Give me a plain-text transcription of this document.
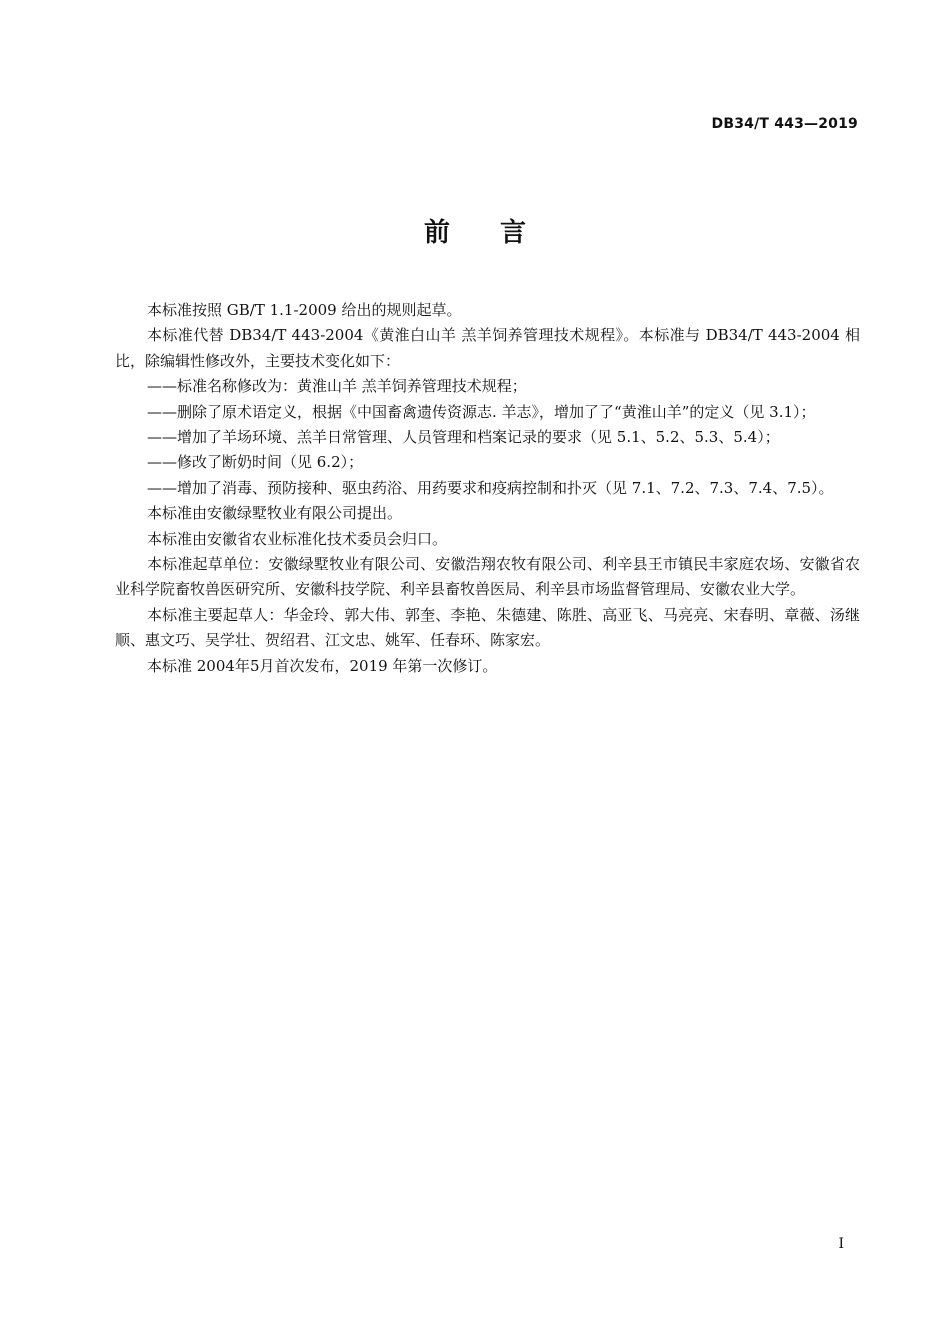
DB34/T 443—2019
前言

本标准按照 GB/T 1.1-2009 给出的规则起草。

本标准代替 DB34/T 443-2004《黄淮白山羊 羔羊饲养管理技术规程》。本标准与 DB34/T 443-2004 相比，除编辑性修改外，主要技术变化如下：

——标准名称修改为：黄淮山羊 羔羊饲养管理技术规程；

——删除了原术语定义，根据《中国畜禽遗传资源志. 羊志》，增加了了“黄淮山羊”的定义（见 3.1）；

——增加了羊场环境、羔羊日常管理、人员管理和档案记录的要求（见 5.1、5.2、5.3、5.4）；

——修改了断奶时间（见 6.2）；

——增加了消毒、预防接种、驱虫药浴、用药要求和疫病控制和扑灭（见 7.1、7.2、7.3、7.4、7.5）。

本标准由安徽绿墅牧业有限公司提出。

本标准由安徽省农业标准化技术委员会归口。

本标准起草单位：安徽绿墅牧业有限公司、安徽浩翔农牧有限公司、利辛县王市镇民丰家庭农场、安徽省农业科学院畜牧兽医研究所、安徽科技学院、利辛县畜牧兽医局、利辛县市场监督管理局、安徽农业大学。

本标准主要起草人：华金玲、郭大伟、郭奎、李艳、朱德建、陈胜、高亚飞、马亮亮、宋春明、章薇、汤继顺、惠文巧、吴学壮、贺绍君、江文忠、姚军、任春环、陈家宏。

本标准 2004年5月首次发布，2019 年第一次修订。

I
